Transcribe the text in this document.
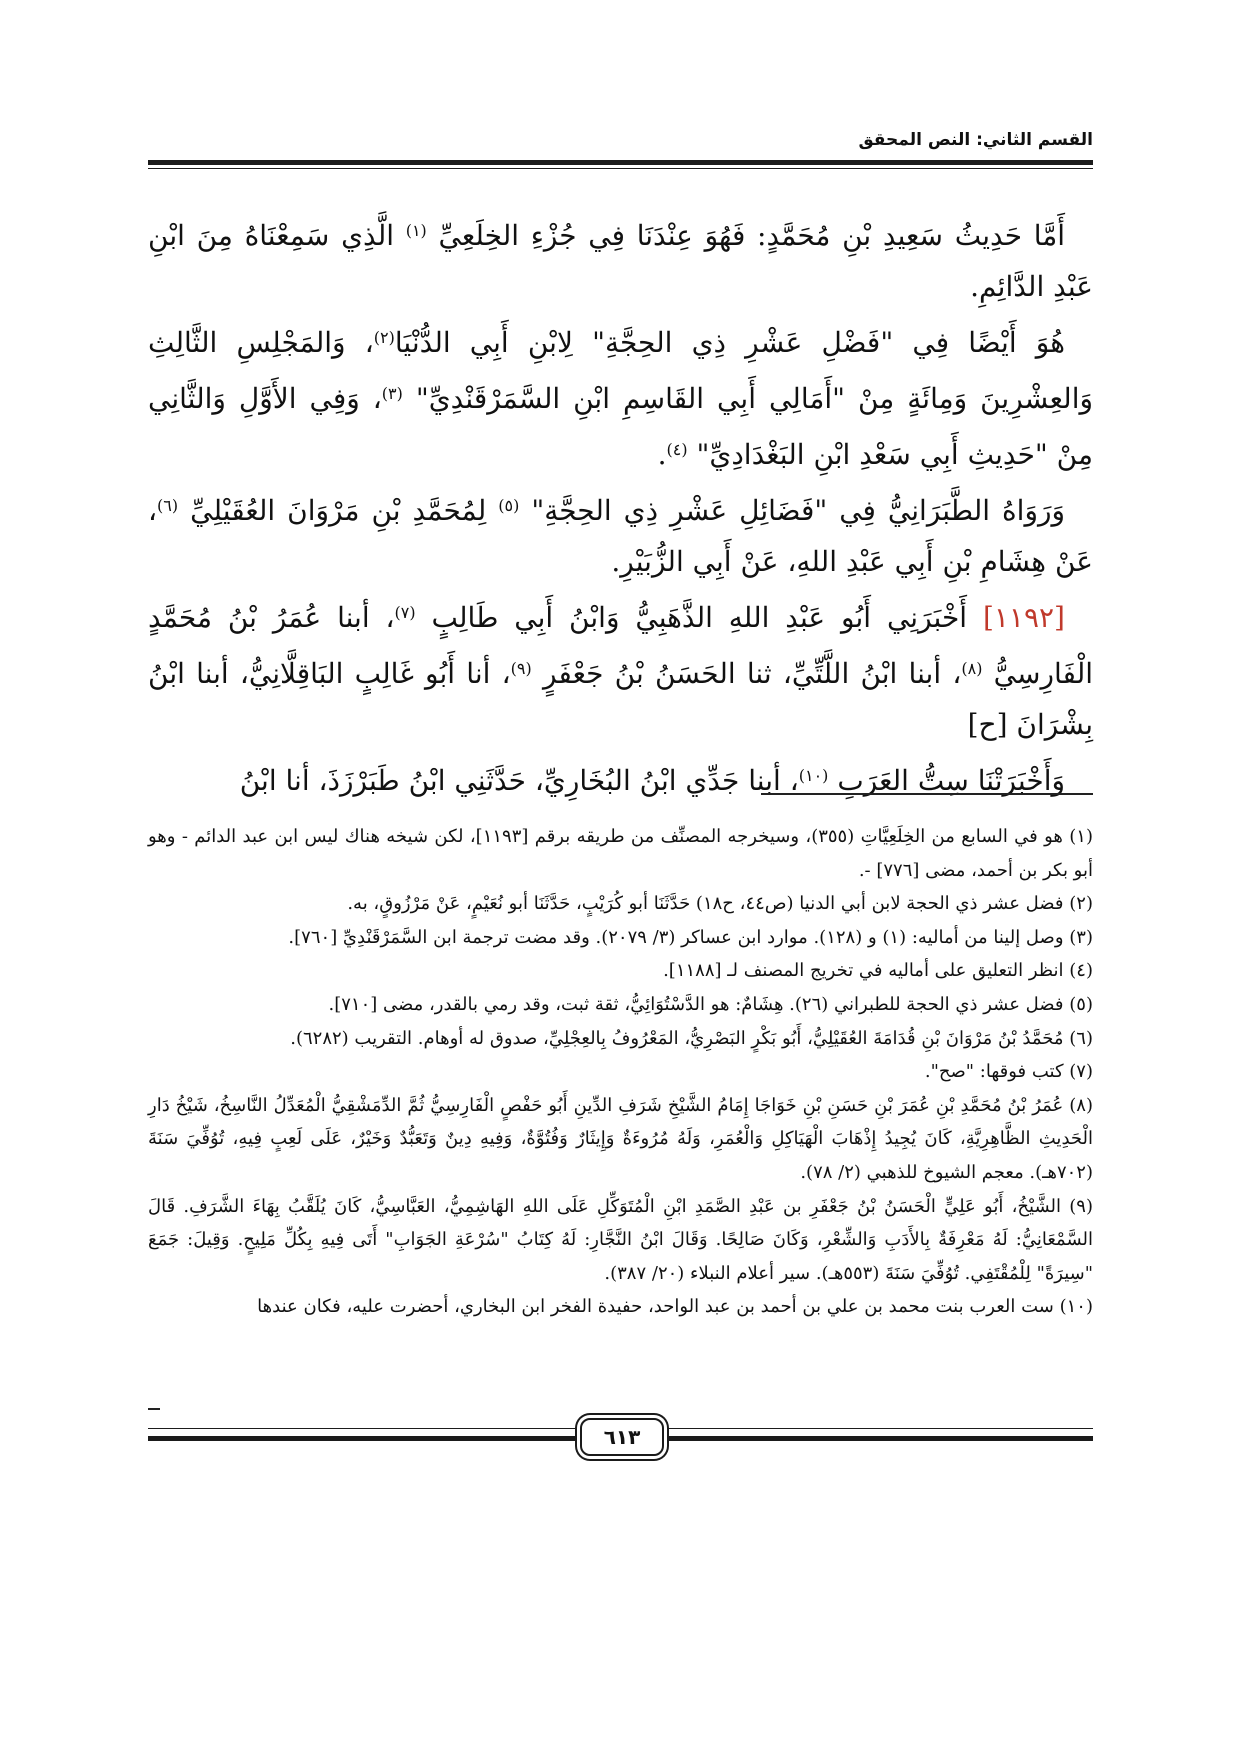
القسم الثاني: النص المحقق

أَمَّا حَدِيثُ سَعِيدِ بْنِ مُحَمَّدٍ: فَهُوَ عِنْدَنَا فِي جُزْءِ الخِلَعِيِّ $^{(١)}$ الَّذِي سَمِعْنَاهُ مِنَ ابْنِ عَبْدِ الدَّائِمِ.

هُوَ أَيْضًا فِي "فَضْلِ عَشْرِ ذِي الحِجَّةِ" لِابْنِ أَبِي الدُّنْيَا$^{(٢)}$، وَالمَجْلِسِ الثَّالِثِ وَالعِشْرِينَ وَمِائَةٍ مِنْ "أَمَالِي أَبِي القَاسِمِ ابْنِ السَّمَرْقَنْدِيِّ" $^{(٣)}$، وَفِي الأَوَّلِ وَالثَّانِي مِنْ "حَدِيثِ أَبِي سَعْدِ ابْنِ البَغْدَادِيِّ" $^{(٤)}$.

وَرَوَاهُ الطَّبَرَانِيُّ فِي "فَضَائِلِ عَشْرِ ذِي الحِجَّةِ" $^{(٥)}$ لِمُحَمَّدِ بْنِ مَرْوَانَ العُقَيْلِيِّ $^{(٦)}$، عَنْ هِشَامِ بْنِ أَبِي عَبْدِ اللهِ، عَنْ أَبِي الزُّبَيْرِ.

[١١٩٢] أَخْبَرَنِي أَبُو عَبْدِ اللهِ الذَّهَبِيُّ وَابْنُ أَبِي طَالِبٍ $^{(٧)}$، أبنا عُمَرُ بْنُ مُحَمَّدٍ الْفَارِسِيُّ $^{(٨)}$، أبنا ابْنُ اللَّتِّيِّ، ثنا الحَسَنُ بْنُ جَعْفَرٍ $^{(٩)}$، أنا أَبُو غَالِبٍ البَاقِلَّانِيُّ، أبنا ابْنُ بِشْرَانَ [ح]

وَأَخْبَرَتْنَا سِتُّ العَرَبِ $^{(١٠)}$، أبنا جَدِّي ابْنُ البُخَارِيِّ، حَدَّثَنِي ابْنُ طَبَرْزَذَ، أنا ابْنُ

(١) هو في السابع من الخِلَعِيَّاتِ (٣٥٥)، وسيخرجه المصنِّف من طريقه برقم [١١٩٣]، لكن شيخه هناك ليس ابن عبد الدائم - وهو أبو بكر بن أحمد، مضى [٧٧٦] -.

(٢) فضل عشر ذي الحجة لابن أبي الدنيا (ص٤٤، ح١٨) حَدَّثَنَا أبو كُرَيْبٍ، حَدَّثَنَا أبو نُعَيْمٍ، عَنْ مَرْزُوقٍ، به.

(٣) وصل إلينا من أماليه: (١) و (١٢٨). موارد ابن عساكر (٣/ ٢٠٧٩). وقد مضت ترجمة ابن السَّمَرْقَنْدِيِّ [٧٦٠].

(٤) انظر التعليق على أماليه في تخريج المصنف لـ [١١٨٨].

(٥) فضل عشر ذي الحجة للطبراني (٢٦). هِشَامٌ: هو الدَّسْتُوَائِيُّ، ثقة ثبت، وقد رمي بالقدر، مضى [٧١٠].

(٦) مُحَمَّدُ بْنُ مَرْوَانَ بْنِ قُدَامَةَ العُقَيْلِيُّ، أَبُو بَكْرٍ البَصْرِيُّ، المَعْرُوفُ بِالعِجْلِيِّ، صدوق له أوهام. التقريب (٦٢٨٢).

(٧) كتب فوقها: "صح".

(٨) عُمَرُ بْنُ مُحَمَّدِ بْنِ عُمَرَ بْنِ حَسَنِ بْنِ خَوَاجَا إِمَامُ الشَّيْخِ شَرَفِ الدِّينِ أَبُو حَفْصٍ الْفَارِسِيُّ ثُمَّ الدِّمَشْقِيُّ الْمُعَدِّلُ النَّاسِخُ، شَيْخُ دَارِ الْحَدِيثِ الظَّاهِرِيَّةِ، كَانَ يُجِيدُ إِذْهَابَ الْهَيَاكِلِ وَالْعُمَرِ، وَلَهُ مُرُوءَةٌ وَإِيثَارٌ وَفُتُوَّةٌ، وَفِيهِ دِينٌ وَتَعَبُّدٌ وَخَيْرٌ، عَلَى لَعِبٍ فِيهِ، تُوُفِّيَ سَنَةَ (٧٠٢هـ). معجم الشيوخ للذهبي (٢/ ٧٨).

(٩) الشَّيْخُ، أَبُو عَلِيٍّ الْحَسَنُ بْنُ جَعْفَرِ بن عَبْدِ الصَّمَدِ ابْنِ الْمُتَوَكِّلِ عَلَى اللهِ الهَاشِمِيُّ، العَبَّاسِيُّ، كَانَ يُلَقَّبُ بِهَاءَ الشَّرَفِ. قَالَ السَّمْعَانِيُّ: لَهُ مَعْرِفَةٌ بِالأَدَبِ وَالشِّعْرِ، وَكَانَ صَالِحًا. وَقَالَ ابْنُ النَّجَّارِ: لَهُ كِتَابُ "سُرْعَةِ الجَوَابِ" أَتَى فِيهِ بِكُلِّ مَلِيحٍ. وَقِيلَ: جَمَعَ "سِيرَةً" لِلْمُقْتَفِي. تُوُفِّيَ سَنَةَ (٥٥٣هـ). سير أعلام النبلاء (٢٠/ ٣٨٧).

(١٠) ست العرب بنت محمد بن علي بن أحمد بن عبد الواحد، حفيدة الفخر ابن البخاري، أحضرت عليه، فكان عندها

٦١٣
